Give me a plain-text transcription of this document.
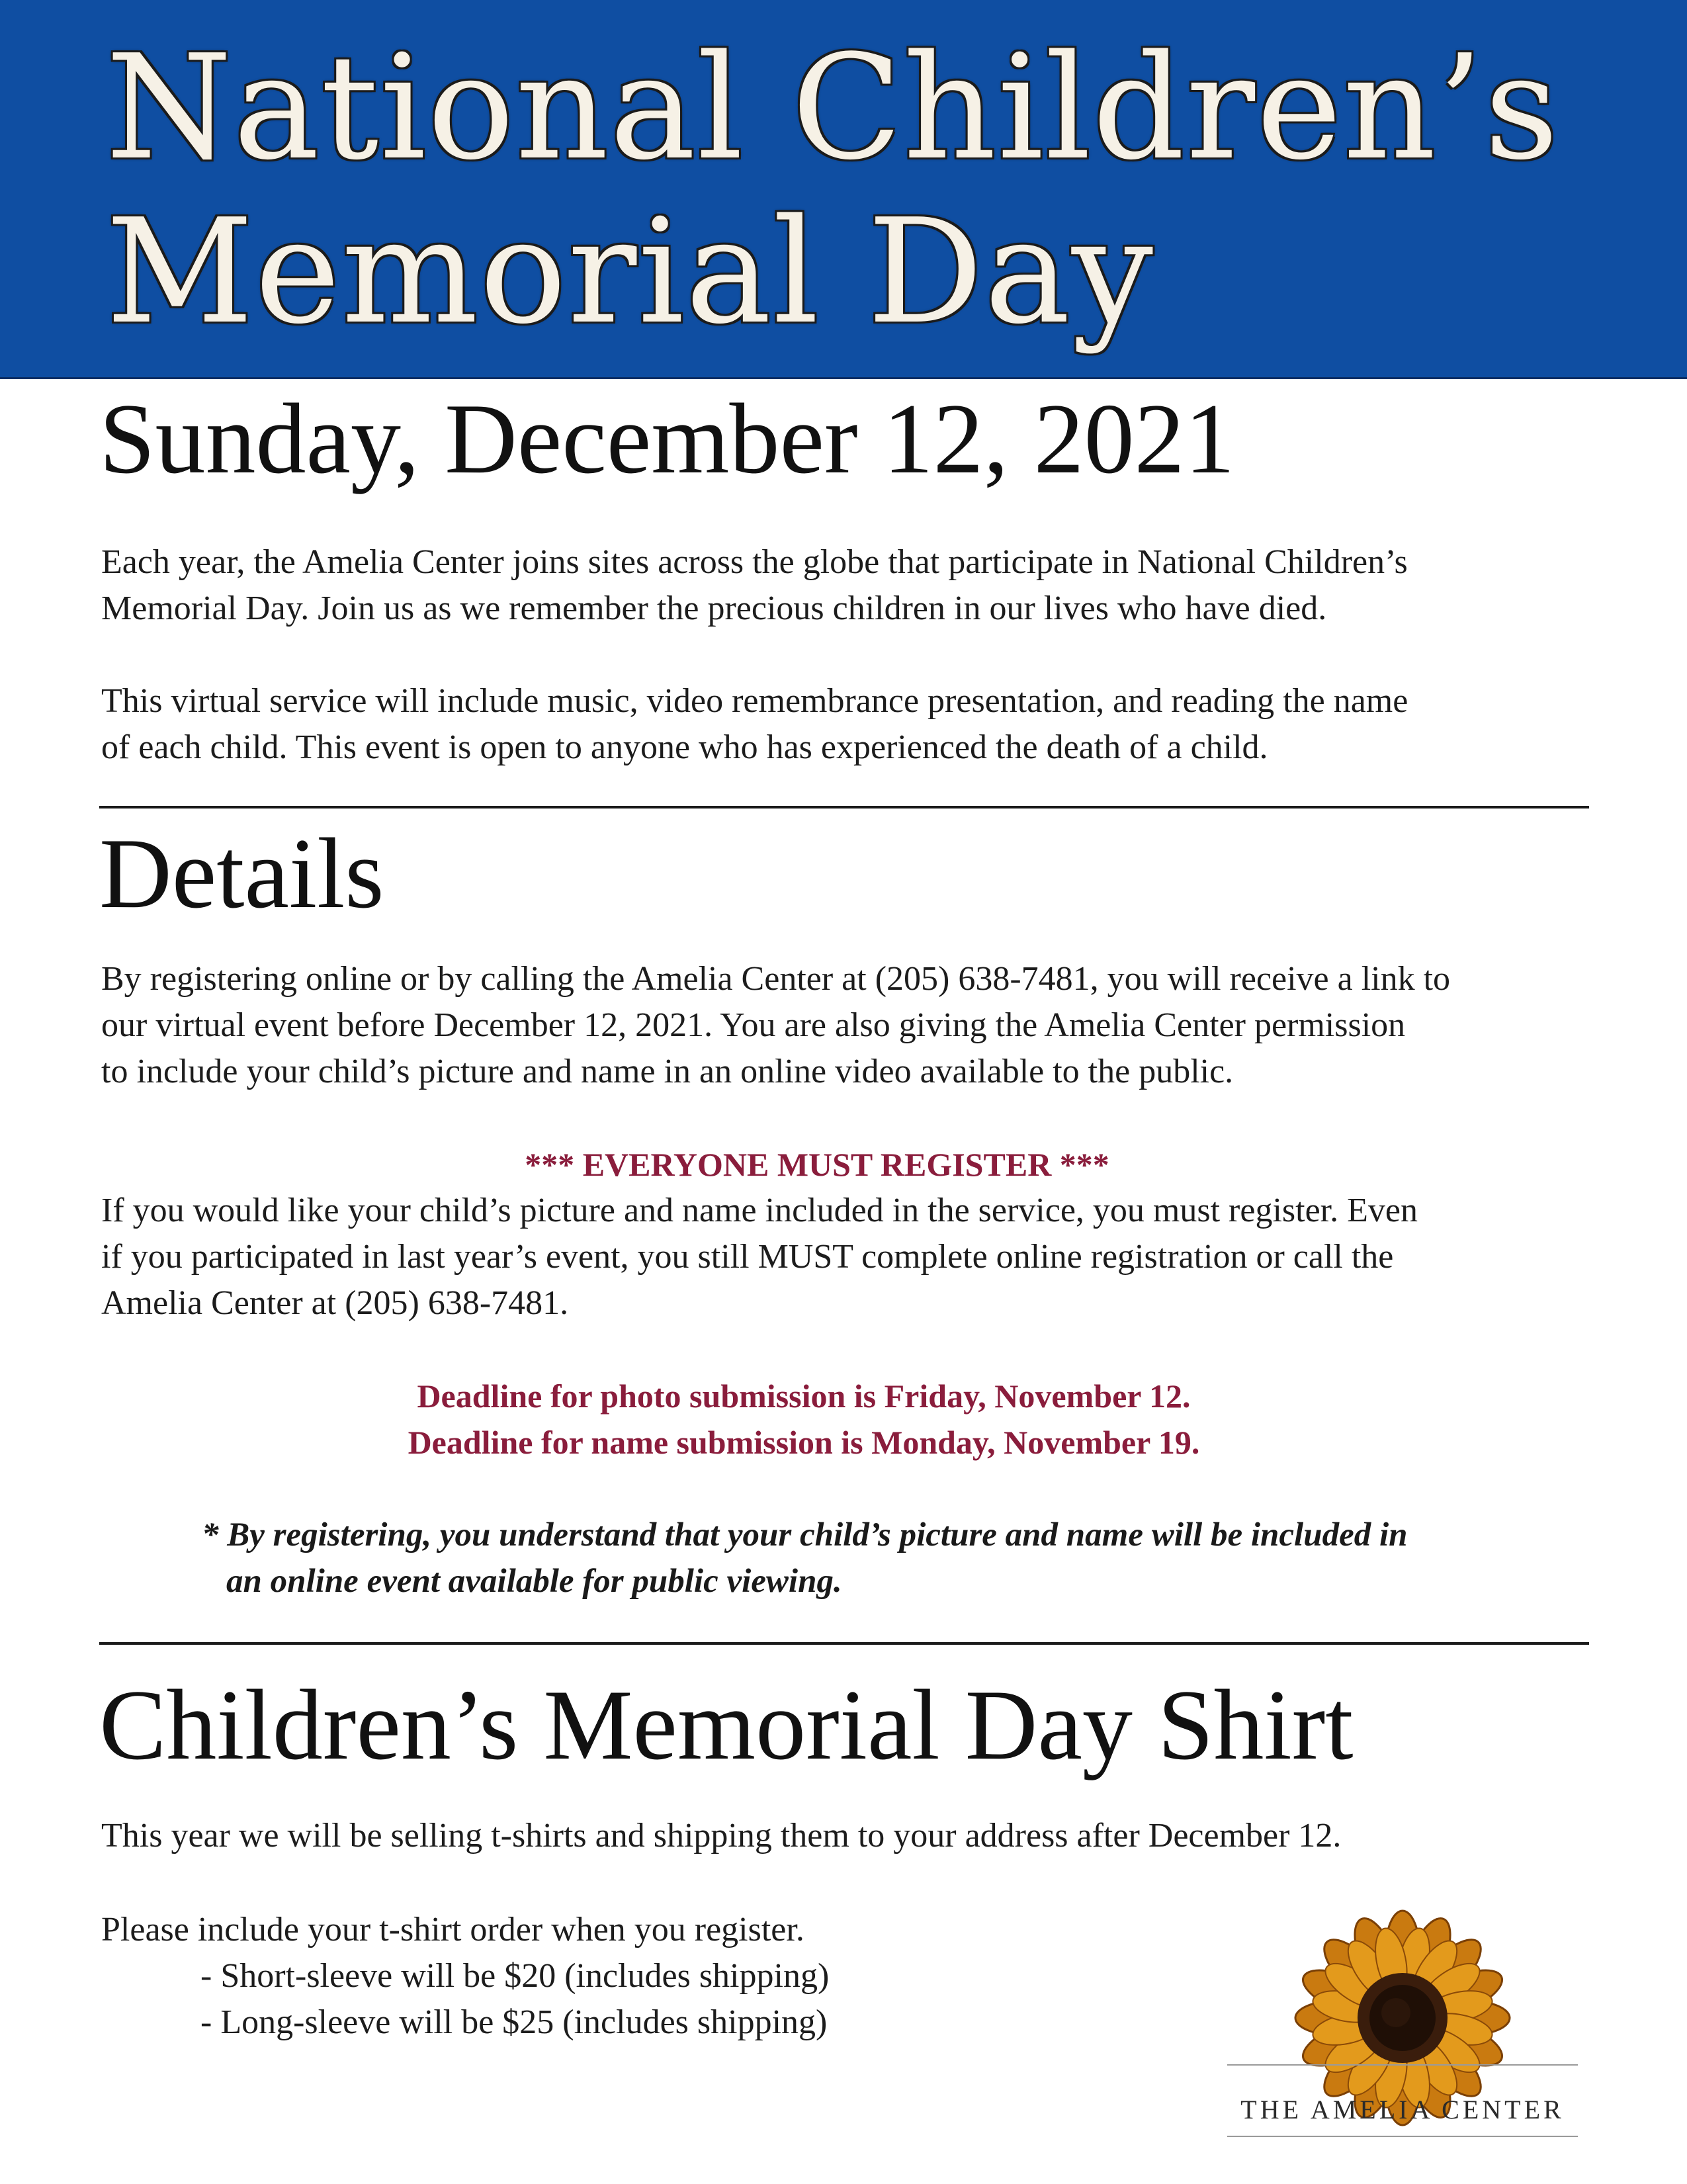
National Children’s
Memorial Day
Sunday, December 12, 2021
Each year, the Amelia Center joins sites across the globe that participate in National Children’s
Memorial Day. Join us as we remember the precious children in our lives who have died.
This virtual service will include music, video remembrance presentation, and reading the name
of each child. This event is open to anyone who has experienced the death of a child.
Details
By registering online or by calling the Amelia Center at (205) 638-7481, you will receive a link to
our virtual event before December 12, 2021. You are also giving the Amelia Center permission
to include your child’s picture and name in an online video available to the public.

*** EVERYONE MUST REGISTER ***

If you would like your child’s picture and name included in the service, you must register. Even
if you participated in last year’s event, you still MUST complete online registration or call the
Amelia Center at (205) 638-7481.

Deadline for photo submission is Friday, November 12.

Deadline for name submission is Monday, November 19.

* By registering, you understand that your child’s picture and name will be included in
an online event available for public viewing.
Children’s Memorial Day Shirt
This year we will be selling t-shirts and shipping them to your address after December 12.
Please include your t-shirt order when you register.
- Short-sleeve will be $20 (includes shipping)
- Long-sleeve will be $25 (includes shipping)

THE AMELIA CENTER
